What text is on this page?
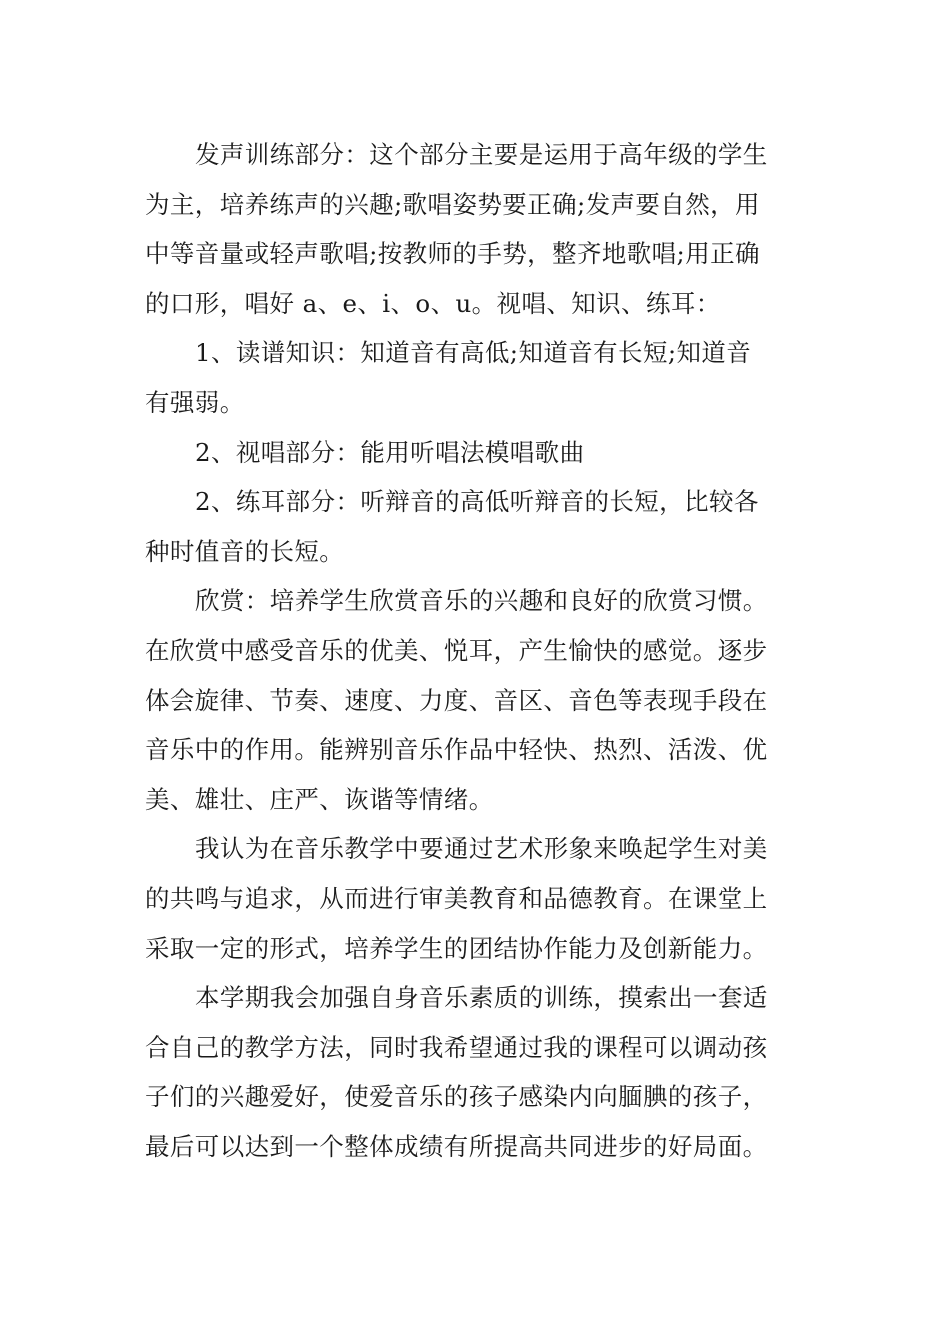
发声训练部分：这个部分主要是运用于高年级的学生
为主，培养练声的兴趣;歌唱姿势要正确;发声要自然，用
中等音量或轻声歌唱;按教师的手势，整齐地歌唱;用正确
的口形，唱好 a、e、i、o、u。视唱、知识、练耳：

1、读谱知识：知道音有高低;知道音有长短;知道音
有强弱。

2、视唱部分：能用听唱法模唱歌曲

2、练耳部分：听辩音的高低听辩音的长短，比较各
种时值音的长短。

欣赏：培养学生欣赏音乐的兴趣和良好的欣赏习惯。
在欣赏中感受音乐的优美、悦耳，产生愉快的感觉。逐步
体会旋律、节奏、速度、力度、音区、音色等表现手段在
音乐中的作用。能辨别音乐作品中轻快、热烈、活泼、优
美、雄壮、庄严、诙谐等情绪。

我认为在音乐教学中要通过艺术形象来唤起学生对美
的共鸣与追求，从而进行审美教育和品德教育。在课堂上
采取一定的形式，培养学生的团结协作能力及创新能力。

本学期我会加强自身音乐素质的训练，摸索出一套适
合自己的教学方法，同时我希望通过我的课程可以调动孩
子们的兴趣爱好，使爱音乐的孩子感染内向腼腆的孩子，
最后可以达到一个整体成绩有所提高共同进步的好局面。
